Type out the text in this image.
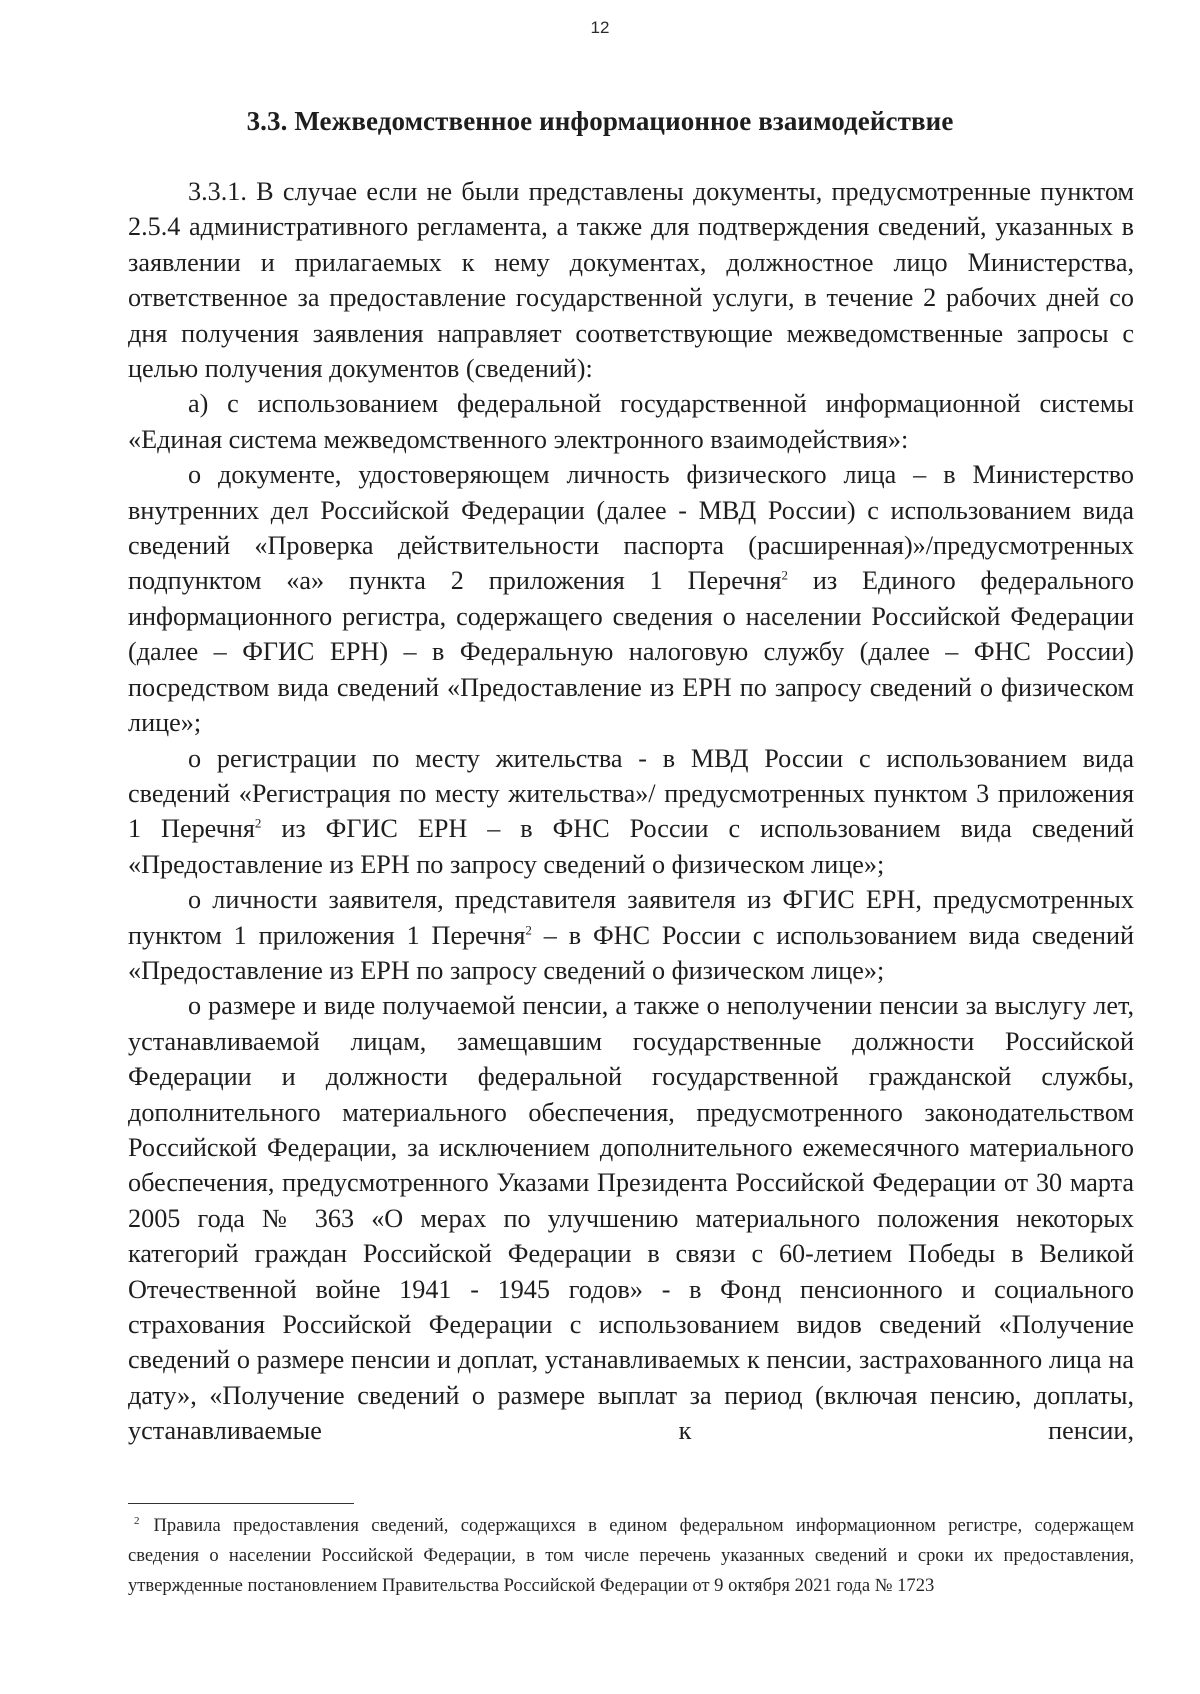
12
3.3. Межведомственное информационное взаимодействие

3.3.1. В случае если не были представлены документы, предусмотренные пунктом 2.5.4 административного регламента, а также для подтверждения сведений, указанных в заявлении и прилагаемых к нему документах, должностное лицо Министерства, ответственное за предоставление государственной услуги, в течение 2 рабочих дней со дня получения заявления направляет соответствующие межведомственные запросы с целью получения документов (сведений):

а) с использованием федеральной государственной информационной системы «Единая система межведомственного электронного взаимодействия»:

о документе, удостоверяющем личность физического лица – в Министерство внутренних дел Российской Федерации (далее - МВД России) с использованием вида сведений «Проверка действительности паспорта (расширенная)»/предусмотренных подпунктом «а» пункта 2 приложения 1 Перечня$^2$ из Единого федерального информационного регистра, содержащего сведения о населении Российской Федерации (далее – ФГИС ЕРН) – в Федеральную налоговую службу (далее – ФНС России) посредством вида сведений «Предоставление из ЕРН по запросу сведений о физическом лице»;

о регистрации по месту жительства - в МВД России с использованием вида сведений «Регистрация по месту жительства»/ предусмотренных пунктом 3 приложения 1 Перечня$^2$ из ФГИС ЕРН – в ФНС России с использованием вида сведений «Предоставление из ЕРН по запросу сведений о физическом лице»;

о личности заявителя, представителя заявителя из ФГИС ЕРН, предусмотренных пунктом 1 приложения 1 Перечня$^2$ – в ФНС России с использованием вида сведений «Предоставление из ЕРН по запросу сведений о физическом лице»;

о размере и виде получаемой пенсии, а также о неполучении пенсии за выслугу лет, устанавливаемой лицам, замещавшим государственные должности Российской Федерации и должности федеральной государственной гражданской службы, дополнительного материального обеспечения, предусмотренного законодательством Российской Федерации, за исключением дополнительного ежемесячного материального обеспечения, предусмотренного Указами Президента Российской Федерации от 30 марта 2005 года № 363 «О мерах по улучшению материального положения некоторых категорий граждан Российской Федерации в связи с 60-летием Победы в Великой Отечественной войне 1941 - 1945 годов» - в Фонд пенсионного и социального страхования Российской Федерации с использованием видов сведений «Получение сведений о размере пенсии и доплат, устанавливаемых к пенсии, застрахованного лица на дату», «Получение сведений о размере выплат за период (включая пенсию, доплаты, устанавливаемые к пенсии,

$^2$ Правила предоставления сведений, содержащихся в едином федеральном информационном регистре, содержащем сведения о населении Российской Федерации, в том числе перечень указанных сведений и сроки их предоставления, утвержденные постановлением Правительства Российской Федерации от 9 октября 2021 года № 1723
